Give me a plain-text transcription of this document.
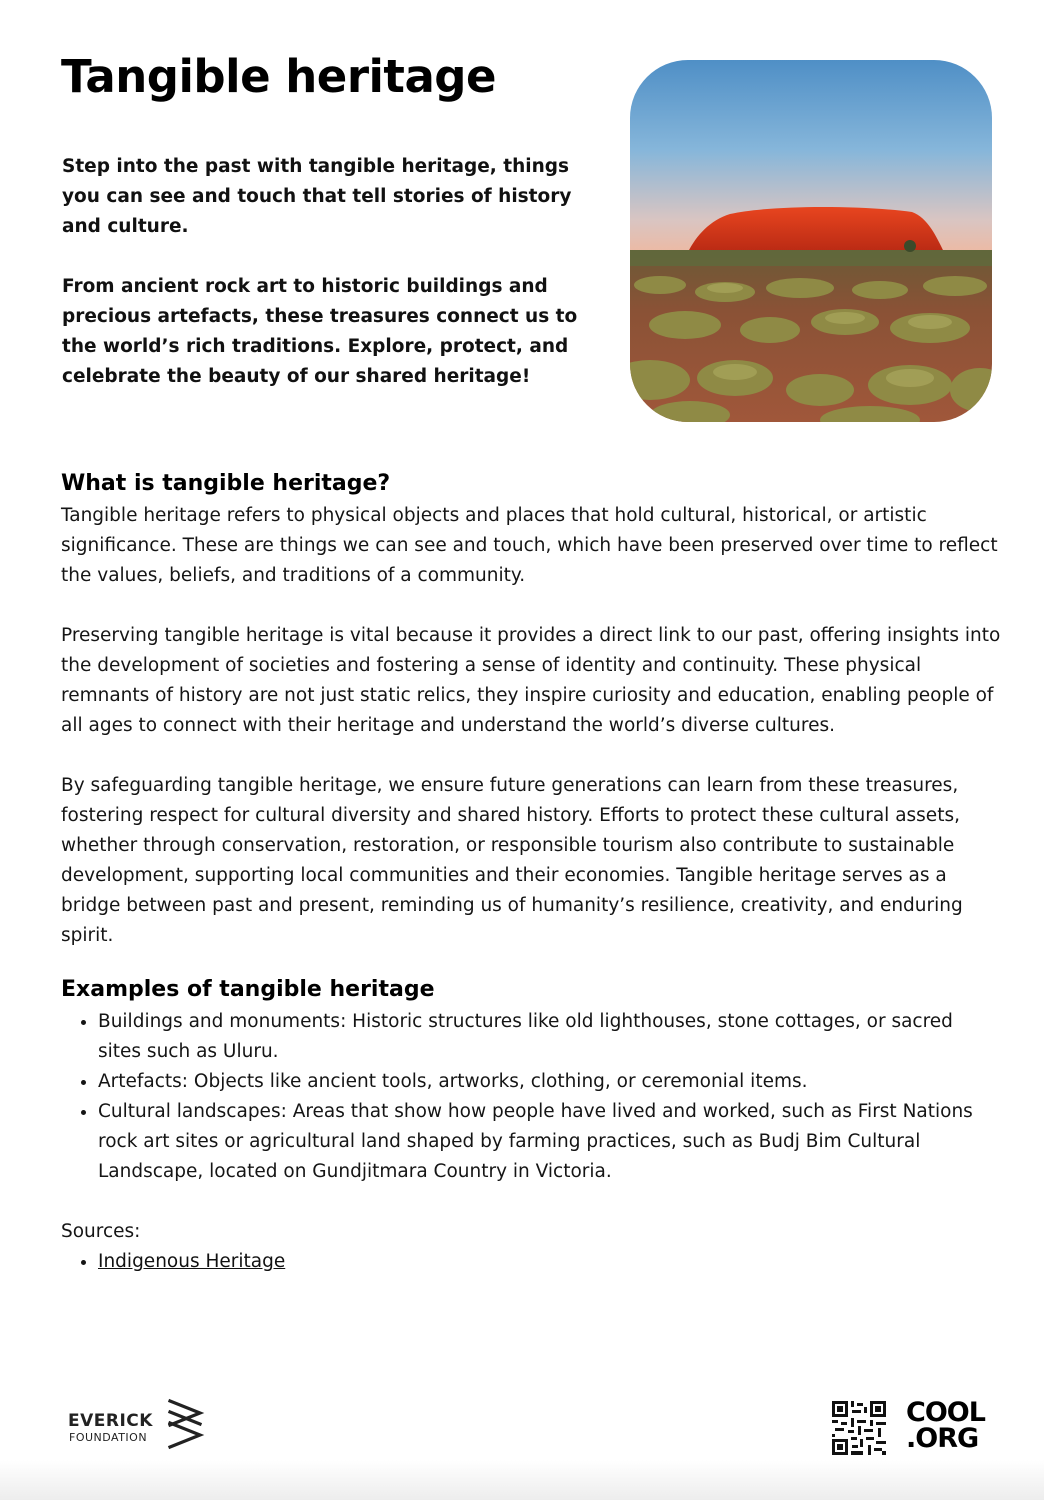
Tangible heritage

Step into the past with tangible heritage, things you can see and touch that tell stories of history and culture.

From ancient rock art to historic buildings and precious artefacts, these treasures connect us to the world’s rich traditions. Explore, protect, and celebrate the beauty of our shared heritage!

What is tangible heritage?

Tangible heritage refers to physical objects and places that hold cultural, historical, or artistic significance. These are things we can see and touch, which have been preserved over time to reflect the values, beliefs, and traditions of a community.

Preserving tangible heritage is vital because it provides a direct link to our past, offering insights into the development of societies and fostering a sense of identity and continuity. These physical remnants of history are not just static relics, they inspire curiosity and education, enabling people of all ages to connect with their heritage and understand the world’s diverse cultures.

By safeguarding tangible heritage, we ensure future generations can learn from these treasures, fostering respect for cultural diversity and shared history. Efforts to protect these cultural assets, whether through conservation, restoration, or responsible tourism also contribute to sustainable development, supporting local communities and their economies. Tangible heritage serves as a bridge between past and present, reminding us of humanity’s resilience, creativity, and enduring spirit.

Examples of tangible heritage
• Buildings and monuments: Historic structures like old lighthouses, stone cottages, or sacred sites such as Uluru.
• Artefacts: Objects like ancient tools, artworks, clothing, or ceremonial items.
• Cultural landscapes: Areas that show how people have lived and worked, such as First Nations rock art sites or agricultural land shaped by farming practices, such as Budj Bim Cultural Landscape, located on Gundjitmara Country in Victoria.
Sources:
• Indigenous Heritage
EVERICK
FOUNDATION
COOL
.ORG
